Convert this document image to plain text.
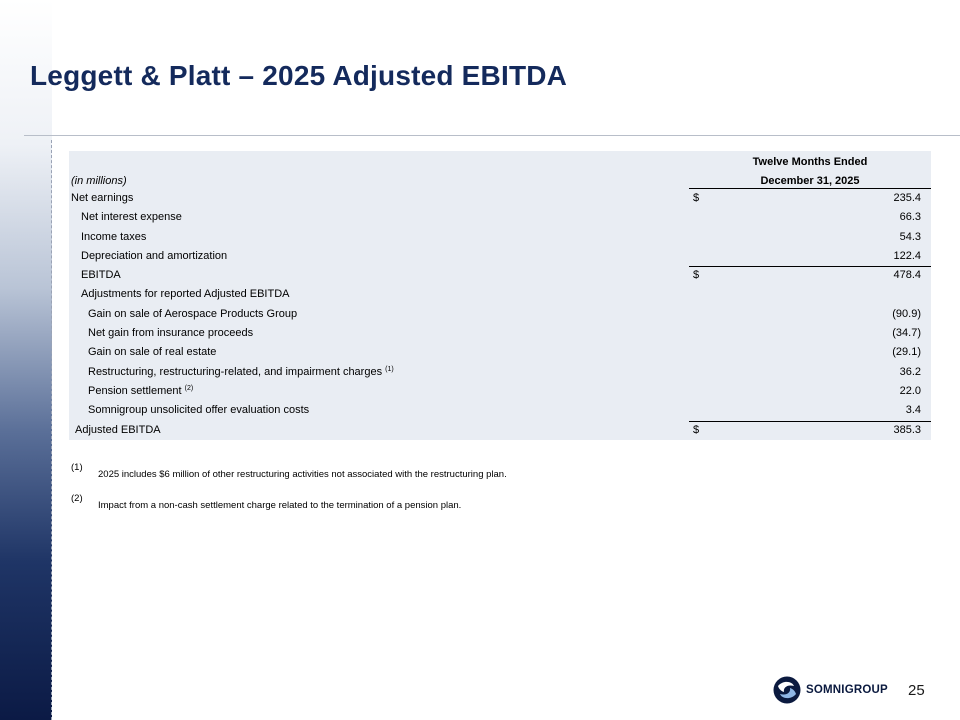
Leggett & Platt – 2025 Adjusted EBITDA
(in millions)
Twelve Months Ended
December 31, 2025
Net earnings	$	235.4
Net interest expense	66.3
Income taxes	54.3
Depreciation and amortization	122.4
EBITDA	$	478.4
Adjustments for reported Adjusted EBITDA
Gain on sale of Aerospace Products Group	(90.9)
Net gain from insurance proceeds	(34.7)
Gain on sale of real estate	(29.1)
Restructuring, restructuring-related, and impairment charges $^{(1)}$	36.2
Pension settlement $^{(2)}$	22.0
Somnigroup unsolicited offer evaluation costs	3.4
Adjusted EBITDA	$	385.3
(1)
2025 includes $6 million of other restructuring activities not associated with the restructuring plan.
(2)
Impact from a non-cash settlement charge related to the termination of a pension plan.
SOMNIGROUP 25
